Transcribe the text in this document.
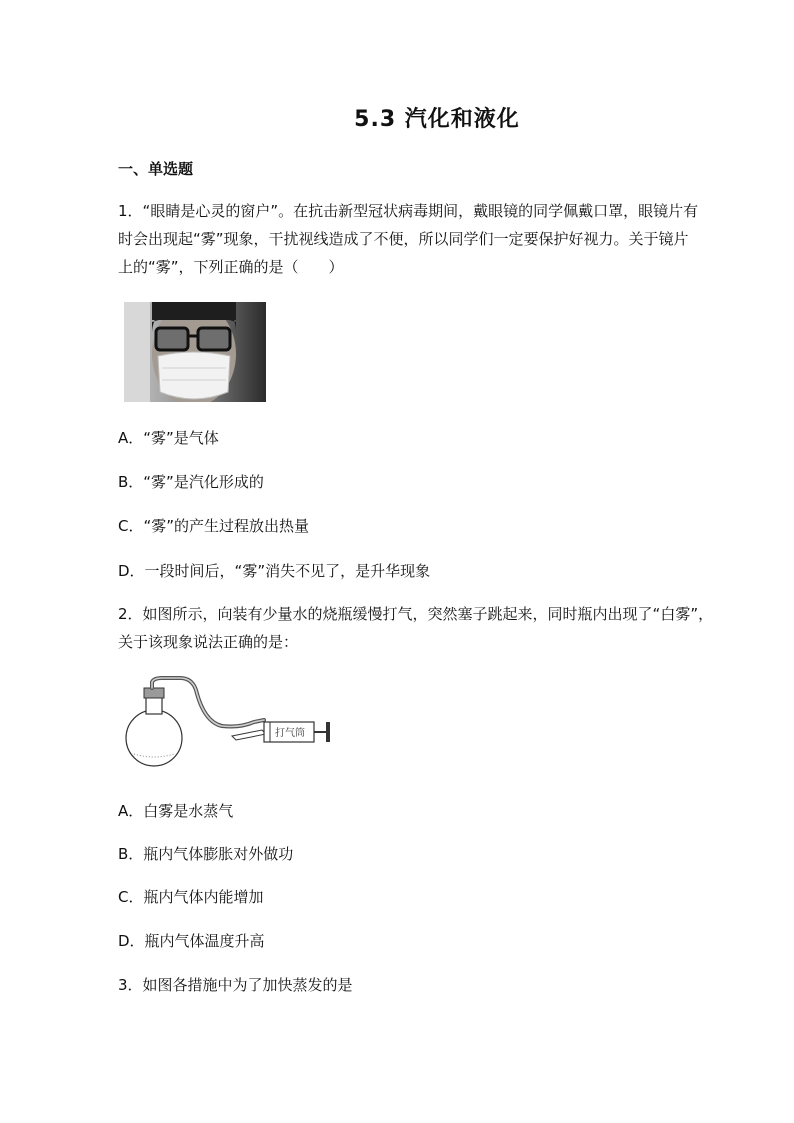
5.3 汽化和液化
一、单选题
1．“眼睛是心灵的窗户”。在抗击新型冠状病毒期间，戴眼镜的同学佩戴口罩，眼镜片有
时会出现起“雾”现象，干扰视线造成了不便，所以同学们一定要保护好视力。关于镜片
上的“雾”，下列正确的是（　　）
A．“雾”是气体
B．“雾”是汽化形成的
C．“雾”的产生过程放出热量
D．一段时间后，“雾”消失不见了，是升华现象
2．如图所示，向装有少量水的烧瓶缓慢打气，突然塞子跳起来，同时瓶内出现了“白雾”，
关于该现象说法正确的是：
打气筒
A．白雾是水蒸气
B．瓶内气体膨胀对外做功
C．瓶内气体内能增加
D．瓶内气体温度升高
3．如图各措施中为了加快蒸发的是
